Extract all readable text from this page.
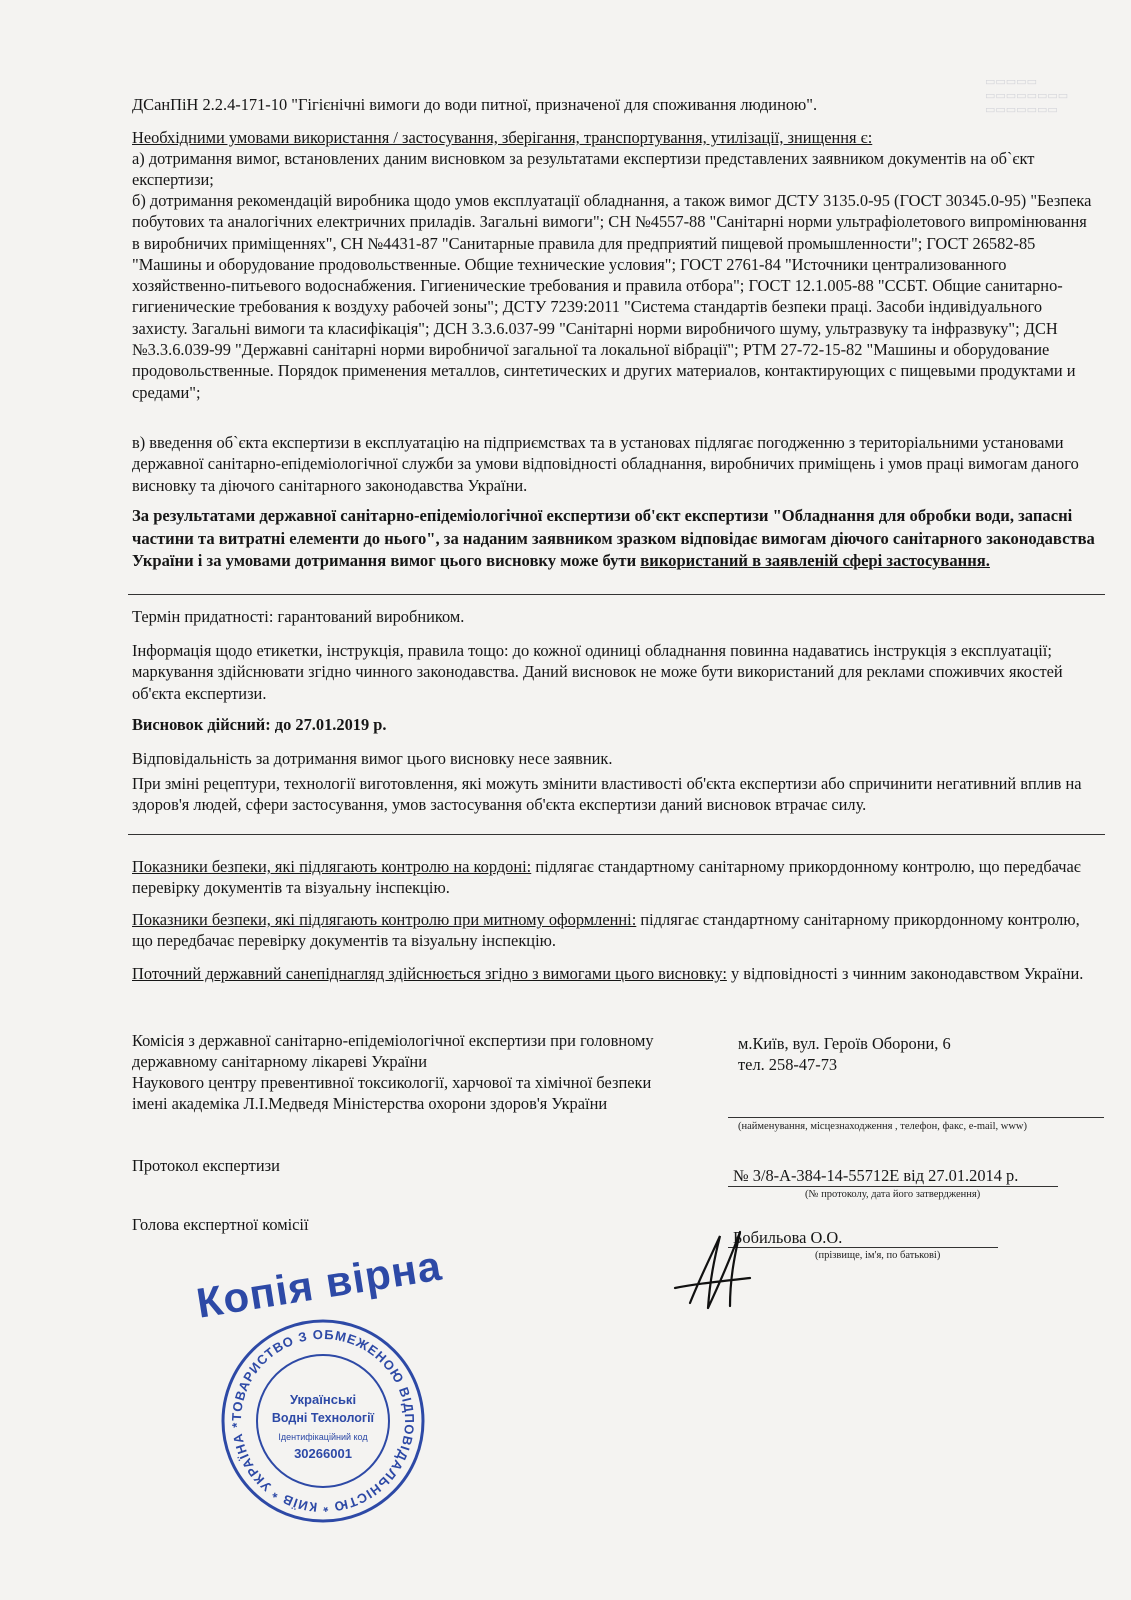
▭▭▭▭▭
▭▭▭▭▭▭▭▭
▭▭▭▭▭▭▭

ДСанПіН 2.2.4-171-10 "Гігієнічні вимоги до води питної, призначеної для споживання людиною".

Необхідними умовами використання / застосування, зберігання, транспортування, утилізації, знищення є:

а) дотримання вимог, встановлених даним висновком за результатами експертизи представлених заявником документів на об`єкт експертизи;

б) дотримання рекомендацій виробника щодо умов експлуатації обладнання, а також вимог ДСТУ 3135.0-95 (ГОСТ 30345.0-95) "Безпека побутових та аналогічних електричних приладів. Загальні вимоги"; СН №4557-88 "Санітарні норми ультрафіолетового випромінювання в виробничих приміщеннях", СН №4431-87 "Санитарные правила для предприятий пищевой промышленности"; ГОСТ 26582-85 "Машины и оборудование продовольственные. Общие технические условия"; ГОСТ 2761-84 "Источники централизованного хозяйственно-питьевого водоснабжения. Гигиенические требования и правила отбора"; ГОСТ 12.1.005-88 "ССБТ. Общие санитарно-гигиенические требования к воздуху рабочей зоны"; ДСТУ 7239:2011 "Система стандартів безпеки праці. Засоби індивідуального захисту. Загальні вимоги та класифікація"; ДСН 3.3.6.037-99 "Санітарні норми виробничого шуму, ультразвуку та інфразвуку"; ДСН №3.3.6.039-99 "Державні санітарні норми виробничої загальної та локальної вібрації"; РТМ 27-72-15-82 "Машины и оборудование продовольственные. Порядок применения металлов, синтетических и других материалов, контактирующих с пищевыми продуктами и средами";

в) введення об`єкта експертизи в експлуатацію на підприємствах та в установах підлягає погодженню з територіальними установами державної санітарно-епідеміологічної служби за умови відповідності обладнання, виробничих приміщень і умов праці вимогам даного висновку та діючого санітарного законодавства України.

За результатами державної санітарно-епідеміологічної експертизи об'єкт експертизи "Обладнання для обробки води, запасні частини та витратні елементи до нього", за наданим заявником зразком відповідає вимогам діючого санітарного законодавства України і за умовами дотримання вимог цього висновку може бути використаний в заявленій сфері застосування.

Термін придатності: гарантований виробником.

Інформація щодо етикетки, інструкція, правила тощо: до кожної одиниці обладнання повинна надаватись інструкція з експлуатації; маркування здійснювати згідно чинного законодавства. Даний висновок не може бути використаний для реклами споживчих якостей об'єкта експертизи.

Висновок дійсний: до 27.01.2019 р.

Відповідальність за дотримання вимог цього висновку несе заявник.

При зміні рецептури, технології виготовлення, які можуть змінити властивості об'єкта експертизи або спричинити негативний вплив на здоров'я людей, сфери застосування, умов застосування об'єкта експертизи даний висновок втрачає силу.

Показники безпеки, які підлягають контролю на кордоні: підлягає стандартному санітарному прикордонному контролю, що передбачає перевірку документів та візуальну інспекцію.

Показники безпеки, які підлягають контролю при митному оформленні: підлягає стандартному санітарному прикордонному контролю, що передбачає перевірку документів та візуальну інспекцію.

Поточний державний санепіднагляд здійснюється згідно з вимогами цього висновку: у відповідності з чинним законодавством України.

Комісія з державної санітарно-епідеміологічної експертизи при головному

державному санітарному лікареві України

Наукового центру превентивної токсикології, харчової та хімічної безпеки

імені академіка Л.І.Медведя Міністерства охорони здоров'я України

м.Київ, вул. Героїв Оборони, 6
тел. 258-47-73
(найменування, місцезнаходження , телефон, факс, e-mail, www)

Протокол експертизи

№ 3/8-А-384-14-55712Е від 27.01.2014 р.
(№ протоколу, дата його затвердження)

Голова експертної комісії

Бобильова О.О.
(прізвище, ім'я, по батькові)
Копія вірна
ТОВАРИСТВО З ОБМЕЖЕНОЮ ВІДПОВІДАЛЬНІСТЮ * КИЇВ * УКРАЇНА *
Українські
Водні Технології
Ідентифікаційний код
30266001
